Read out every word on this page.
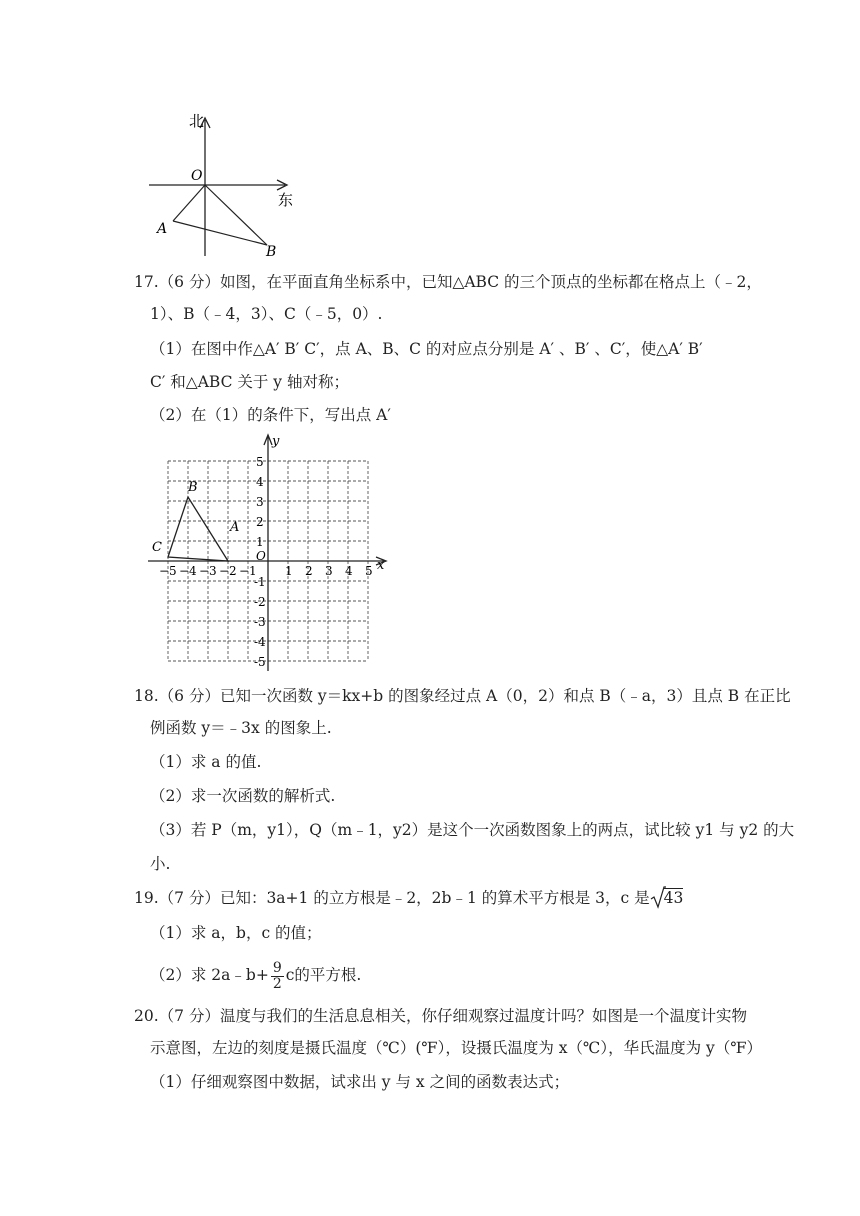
北
O
东
A
B
17.（6 分）如图，在平面直角坐标系中，已知△ABC 的三个顶点的坐标都在格点上（﹣2，
1）、B（﹣4，3）、C（﹣5，0）.
（1）在图中作△A′ B′ C′，点 A、B、C 的对应点分别是 A′ 、B′ 、C′，使△A′ B′
C′ 和△ABC 关于 y 轴对称；
（2）在（1）的条件下，写出点 A′
y
x
O
B
A
C
−5 −4 −3 −2 −1 1 2 3 4 5
1
2
3
4
5
-1
-2
-3
-4
-5
18.（6 分）已知一次函数 y＝kx+b 的图象经过点 A（0，2）和点 B（﹣a，3）且点 B 在正比
例函数 y＝﹣3x 的图象上.
（1）求 a 的值.
（2）求一次函数的解析式.
（3）若 P（m，y1），Q（m﹣1，y2）是这个一次函数图象上的两点，试比较 y1 与 y2 的大
小.
19.（7 分）已知：3a+1 的立方根是﹣2，2b﹣1 的算术平方根是 3，c 是 43
（1）求 a，b，c 的值；
（2）求 2a﹣b+ $\frac{9}{2}$ c的平方根.
20.（7 分）温度与我们的生活息息相关，你仔细观察过温度计吗？如图是一个温度计实物
示意图，左边的刻度是摄氏温度（℃）(℉），设摄氏温度为 x（℃），华氏温度为 y（℉）
（1）仔细观察图中数据，试求出 y 与 x 之间的函数表达式；
